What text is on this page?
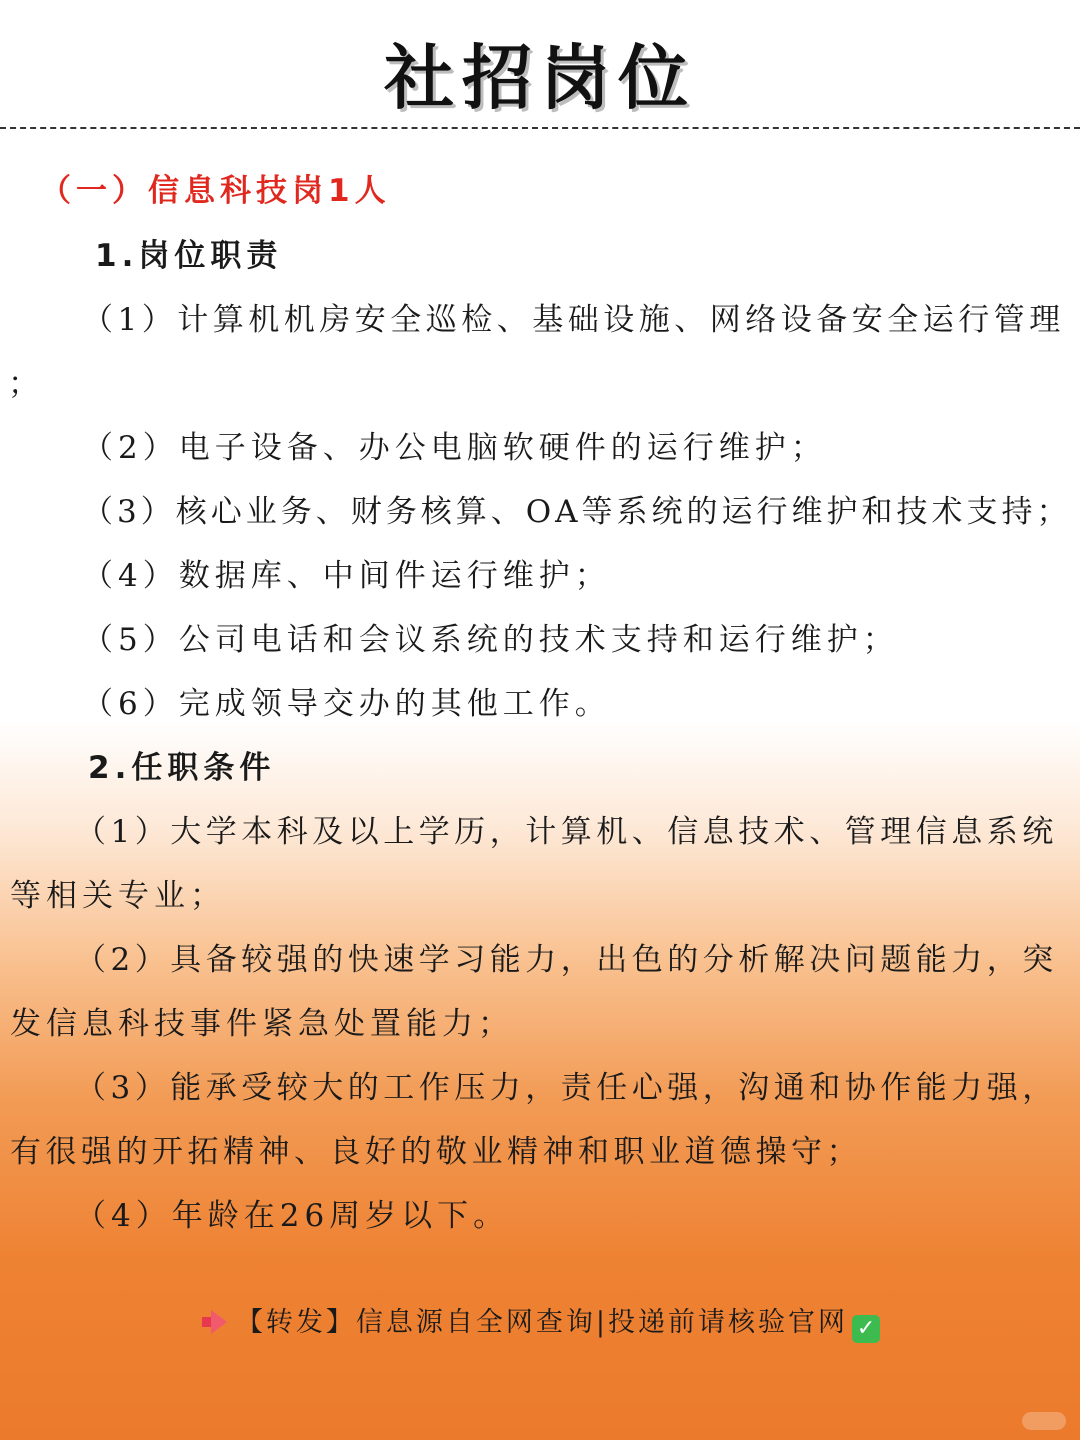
社招岗位
（一）信息科技岗1人
1.岗位职责
（1）计算机机房安全巡检、基础设施、网络设备安全运行管理
；
（2）电子设备、办公电脑软硬件的运行维护；
（3）核心业务、财务核算、OA等系统的运行维护和技术支持；
（4）数据库、中间件运行维护；
（5）公司电话和会议系统的技术支持和运行维护；
（6）完成领导交办的其他工作。
2.任职条件
（1）大学本科及以上学历，计算机、信息技术、管理信息系统
等相关专业；
（2）具备较强的快速学习能力，出色的分析解决问题能力，突
发信息科技事件紧急处置能力；
（3）能承受较大的工作压力，责任心强，沟通和协作能力强，
有很强的开拓精神、良好的敬业精神和职业道德操守；
（4）年龄在26周岁以下。
【转发】信息源自全网查询|投递前请核验官网 ✓
